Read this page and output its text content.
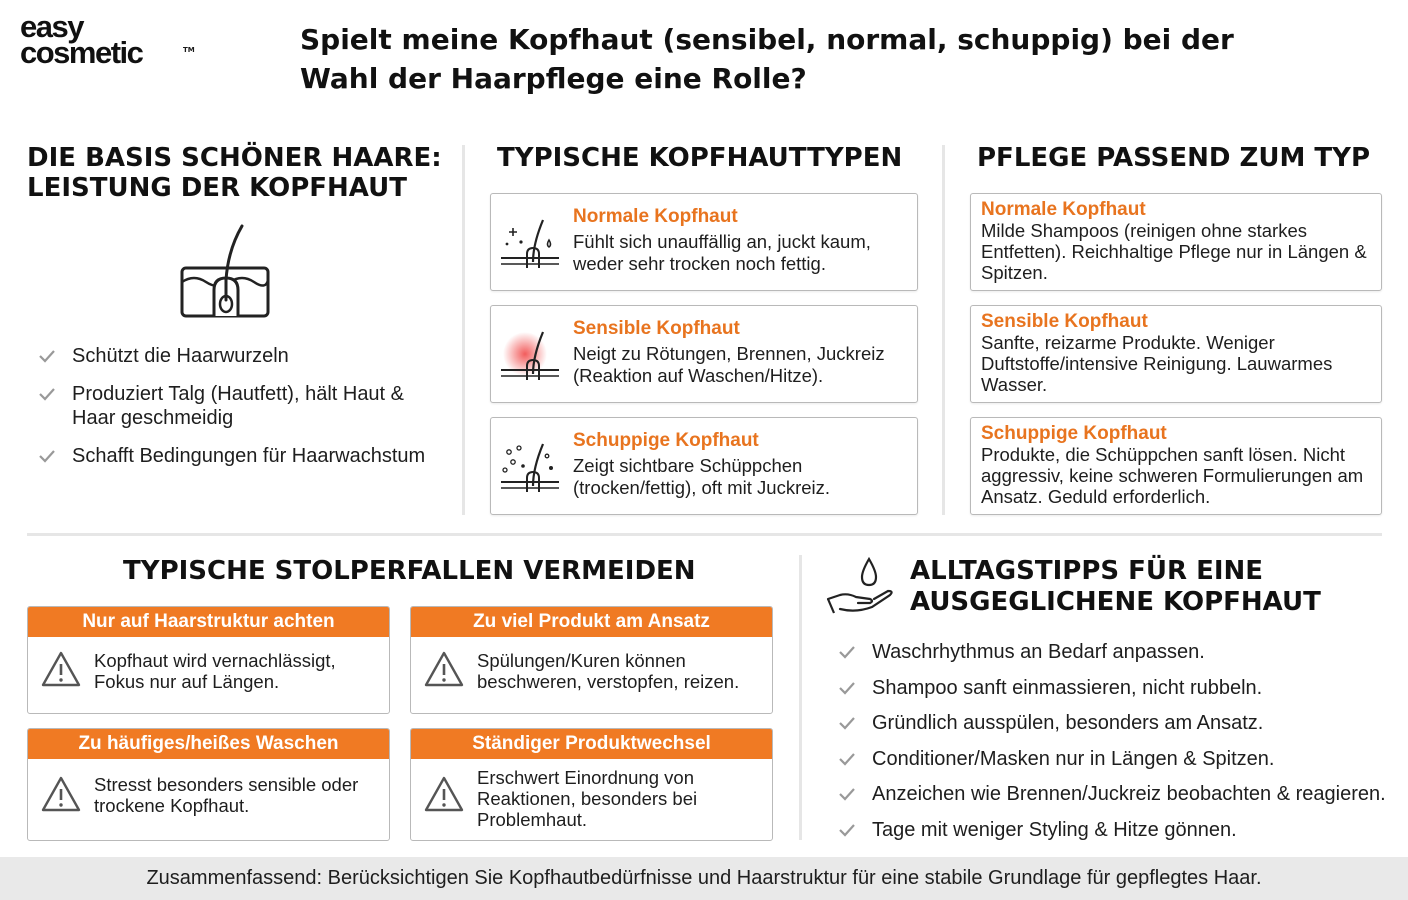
easy
cosmetic	TM	Spielt meine Kopfhaut (sensibel, normal, schuppig) bei der Wahl der Haarpflege eine Rolle?
DIE BASIS SCHÖNER HAARE:
LEISTUNG DER KOPFHAUT
Schützt die Haarwurzeln
Produziert Talg (Hautfett), hält Haut & Haar geschmeidig
Schafft Bedingungen für Haarwachstum
TYPISCHE KOPFHAUTTYPEN
Normale Kopfhaut
Fühlt sich unauffällig an, juckt kaum, weder sehr trocken noch fettig.
Sensible Kopfhaut
Neigt zu Rötungen, Brennen, Juckreiz (Reaktion auf Waschen/Hitze).
Schuppige Kopfhaut
Zeigt sichtbare Schüppchen (trocken/fettig), oft mit Juckreiz.
PFLEGE PASSEND ZUM TYP
Normale Kopfhaut
Milde Shampoos (reinigen ohne starkes Entfetten). Reichhaltige Pflege nur in Längen & Spitzen.
Sensible Kopfhaut
Sanfte, reizarme Produkte. Weniger Duftstoffe/intensive Reinigung. Lauwarmes Wasser.
Schuppige Kopfhaut
Produkte, die Schüppchen sanft lösen. Nicht aggressiv, keine schweren Formulierungen am Ansatz. Geduld erforderlich.
TYPISCHE STOLPERFALLEN VERMEIDEN
Nur auf Haarstruktur achten
Kopfhaut wird vernachlässigt, Fokus nur auf Längen.
Zu viel Produkt am Ansatz
Spülungen/Kuren können beschweren, verstopfen, reizen.
Zu häufiges/heißes Waschen
Stresst besonders sensible oder trockene Kopfhaut.
Ständiger Produktwechsel
Erschwert Einordnung von Reaktionen, besonders bei Problemhaut.
ALLTAGSTIPPS FÜR EINE
AUSGEGLICHENE KOPFHAUT
Waschrhythmus an Bedarf anpassen.
Shampoo sanft einmassieren, nicht rubbeln.
Gründlich ausspülen, besonders am Ansatz.
Conditioner/Masken nur in Längen & Spitzen.
Anzeichen wie Brennen/Juckreiz beobachten & reagieren.
Tage mit weniger Styling & Hitze gönnen.
Zusammenfassend: Berücksichtigen Sie Kopfhautbedürfnisse und Haarstruktur für eine stabile Grundlage für gepflegtes Haar.
